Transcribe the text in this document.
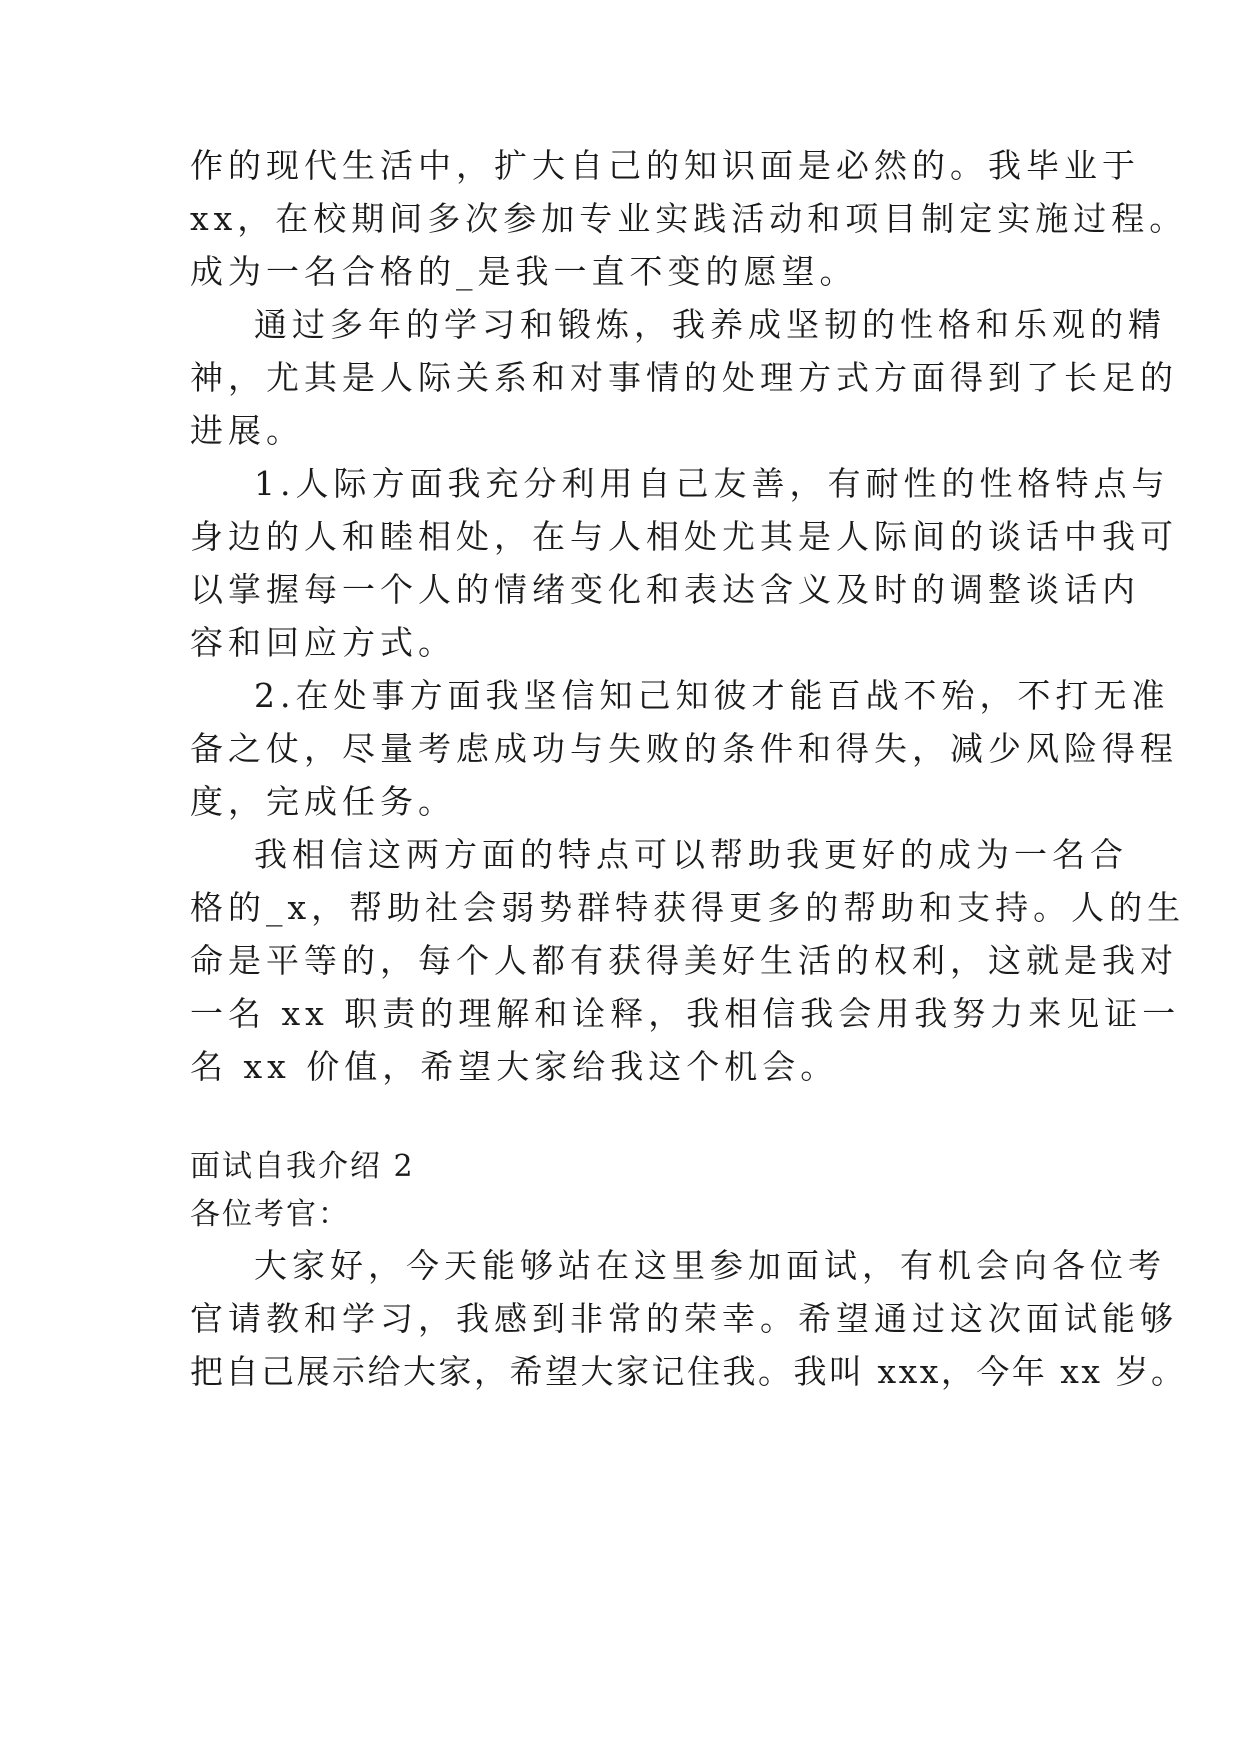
作的现代生活中，扩大自己的知识面是必然的。我毕业于
xx，在校期间多次参加专业实践活动和项目制定实施过程。
成为一名合格的_是我一直不变的愿望。
通过多年的学习和锻炼，我养成坚韧的性格和乐观的精
神，尤其是人际关系和对事情的处理方式方面得到了长足的
进展。
1.人际方面我充分利用自己友善，有耐性的性格特点与
身边的人和睦相处，在与人相处尤其是人际间的谈话中我可
以掌握每一个人的情绪变化和表达含义及时的调整谈话内
容和回应方式。
2.在处事方面我坚信知己知彼才能百战不殆，不打无准
备之仗，尽量考虑成功与失败的条件和得失，减少风险得程
度，完成任务。
我相信这两方面的特点可以帮助我更好的成为一名合
格的_x，帮助社会弱势群特获得更多的帮助和支持。人的生
命是平等的，每个人都有获得美好生活的权利，这就是我对
一名 xx 职责的理解和诠释，我相信我会用我努力来见证一
名 xx 价值，希望大家给我这个机会。
面试自我介绍 2
各位考官：
大家好，今天能够站在这里参加面试，有机会向各位考
官请教和学习，我感到非常的荣幸。希望通过这次面试能够
把自己展示给大家，希望大家记住我。我叫 xxx，今年 xx 岁。
